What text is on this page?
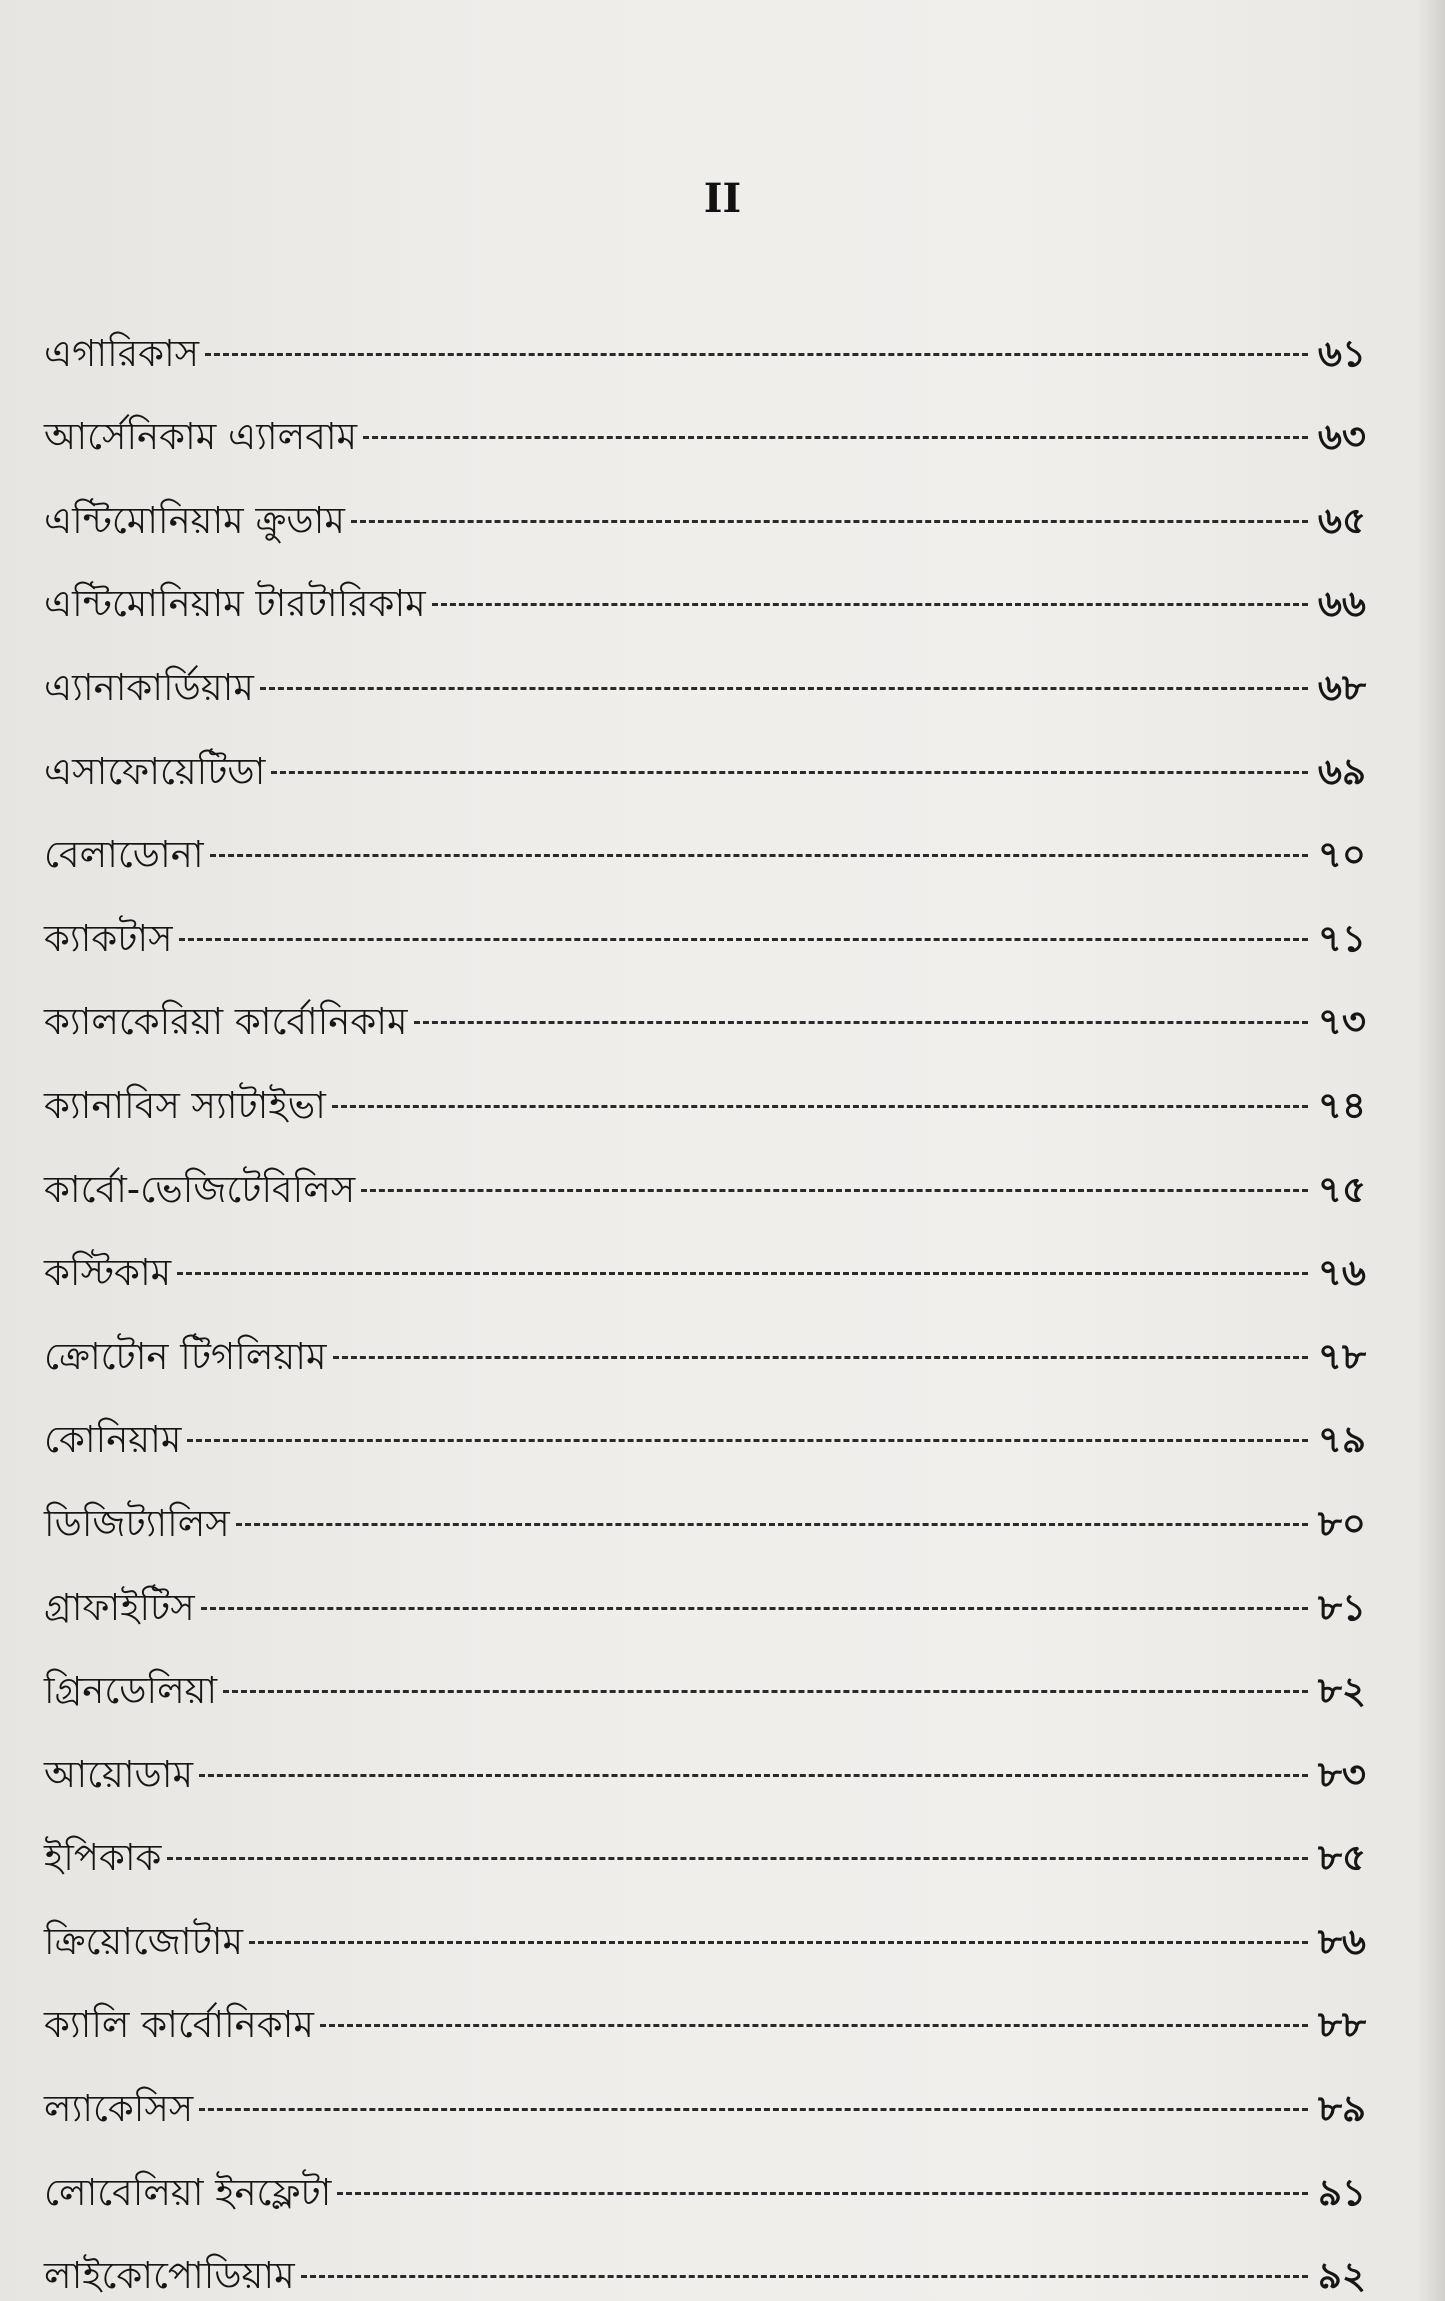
II
এগারিকাস	৬১
আর্সেনিকাম এ্যালবাম	৬৩
এন্টিমোনিয়াম ক্রুডাম	৬৫
এন্টিমোনিয়াম টারটারিকাম	৬৬
এ্যানাকার্ডিয়াম	৬৮
এসাফোয়েটিডা	৬৯
বেলাডোনা	৭০
ক্যাকটাস	৭১
ক্যালকেরিয়া কার্বোনিকাম	৭৩
ক্যানাবিস স্যাটাইভা	৭৪
কার্বো-ভেজিটেবিলিস	৭৫
কস্টিকাম	৭৬
ক্রোটোন টিগলিয়াম	৭৮
কোনিয়াম	৭৯
ডিজিট্যালিস	৮০
গ্রাফাইটিস	৮১
গ্রিনডেলিয়া	৮২
আয়োডাম	৮৩
ইপিকাক	৮৫
ক্রিয়োজোটাম	৮৬
ক্যালি কার্বোনিকাম	৮৮
ল্যাকেসিস	৮৯
লোবেলিয়া ইনফ্লেটা	৯১
লাইকোপোডিয়াম	৯২
